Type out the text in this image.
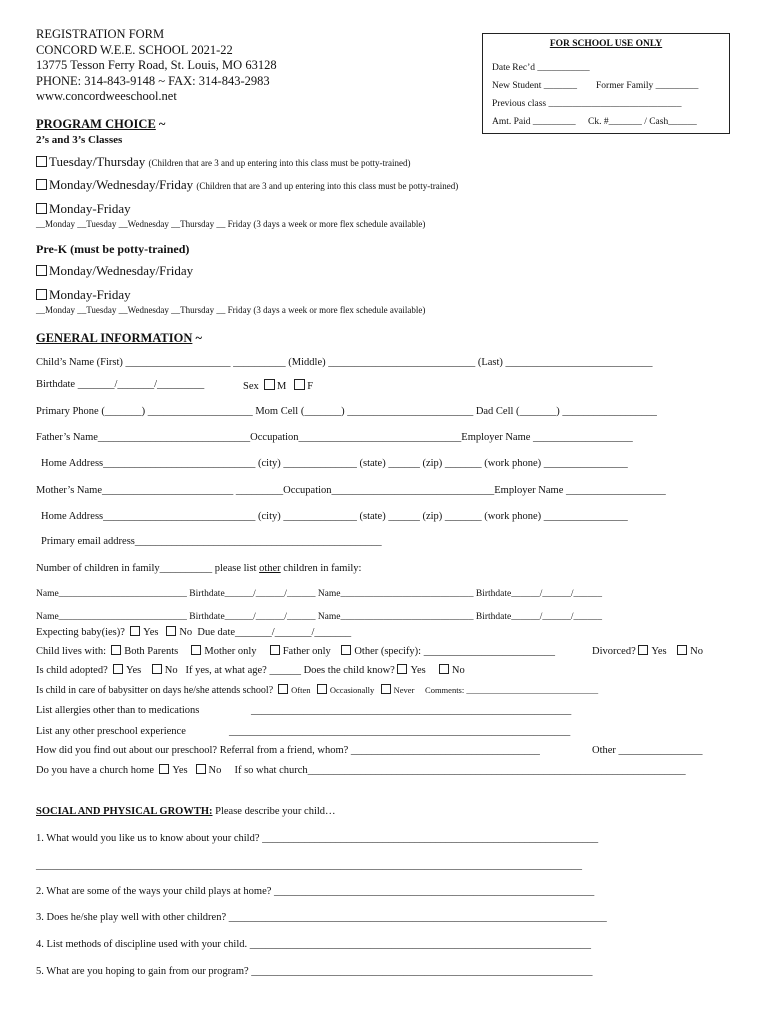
REGISTRATION FORM
CONCORD W.E.E. SCHOOL 2021-22
13775 Tesson Ferry Road, St. Louis, MO 63128
PHONE: 314-843-9148 ~ FAX: 314-843-2983
www.concordweeschool.net
FOR SCHOOL USE ONLY
Date Rec’d ___________
New Student _______ Former Family _________
Previous class ____________________________
Amt. Paid _________ Ck. #_______ / Cash______
PROGRAM CHOICE ~
2’s and 3’s Classes
Tuesday/Thursday (Children that are 3 and up entering into this class must be potty-trained)
Monday/Wednesday/Friday (Children that are 3 and up entering into this class must be potty-trained)
Monday-Friday
__Monday __Tuesday __Wednesday __Thursday __ Friday (3 days a week or more flex schedule available)
Pre-K (must be potty-trained)
Monday/Wednesday/Friday
Monday-Friday
__Monday __Tuesday __Wednesday __Thursday __ Friday (3 days a week or more flex schedule available)
GENERAL INFORMATION ~
Child’s Name (First) ____________________ __________ (Middle) ____________________________ (Last) ____________________________
Birthdate _______/_______/_________	Sex M F
Primary Phone (_______) ____________________ Mom Cell (_______) ________________________ Dad Cell (_______) __________________
Father’s Name_____________________________Occupation_______________________________Employer Name ___________________
Home Address_____________________________ (city) ______________ (state) ______ (zip) _______ (work phone) ________________
Mother’s Name_________________________ _________Occupation_______________________________Employer Name ___________________
Home Address_____________________________ (city) ______________ (state) ______ (zip) _______ (work phone) ________________
Primary email address_______________________________________________
Number of children in family__________ please list other children in family:
Name___________________________ Birthdate______/______/______ Name____________________________ Birthdate______/______/______
Name___________________________ Birthdate______/______/______ Name____________________________ Birthdate______/______/______
Expecting baby(ies)? Yes No Due date_______/_______/_______
Child lives with: Both Parents Mother only Father only Other (specify): _________________________	Divorced? Yes No
Is child adopted? Yes No If yes, at what age? ______ Does the child know? Yes No
Is child in care of babysitter on days he/she attends school? Often Occasionally Never Comments: _______________________________
List allergies other than to medications	_____________________________________________________________
List any other preschool experience	_________________________________________________________________
How did you find out about our preschool? Referral from a friend, whom? ____________________________________	Other ________________
Do you have a church home Yes No If so what church________________________________________________________________________
SOCIAL AND PHYSICAL GROWTH: Please describe your child…
1. What would you like us to know about your child? ________________________________________________________________
________________________________________________________________________________________________________
2. What are some of the ways your child plays at home? _____________________________________________________________
3. Does he/she play well with other children? ________________________________________________________________________
4. List methods of discipline used with your child. _________________________________________________________________
5. What are you hoping to gain from our program? _________________________________________________________________
